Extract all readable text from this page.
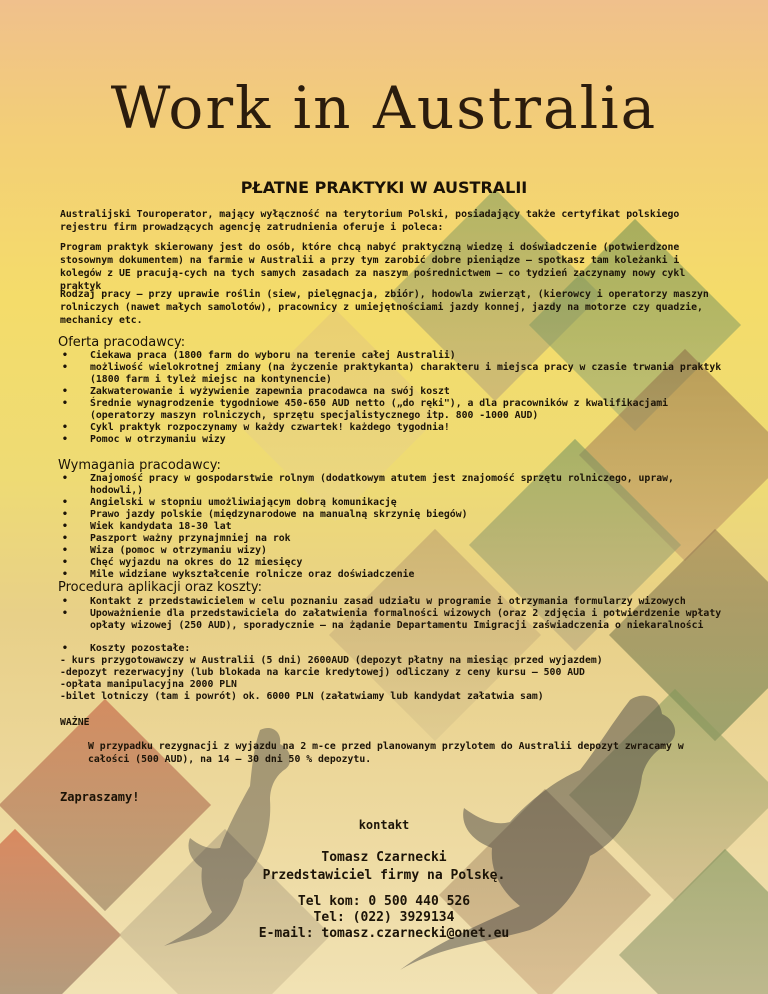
Work in Australia
PŁATNE PRAKTYKI W AUSTRALII

Australijski Touroperator, mający wyłączność na terytorium Polski, posiadający także certyfikat polskiego rejestru firm prowadzących agencję zatrudnienia oferuje i poleca:

Program praktyk skierowany jest do osób, które chcą nabyć praktyczną wiedzę i doświadczenie (potwierdzone stosownym dokumentem) na farmie w Australii a przy tym zarobić dobre pieniądze – spotkasz tam koleżanki i kolegów z UE pracują-cych na tych samych zasadach za naszym pośrednictwem – co tydzień zaczynamy nowy cykl praktyk

Rodzaj pracy – przy uprawie roślin (siew, pielęgnacja, zbiór), hodowla zwierząt, (kierowcy i operatorzy maszyn rolniczych (nawet małych samolotów), pracownicy z umiejętnościami jazdy konnej, jazdy na motorze czy quadzie, mechanicy etc.

Oferta pracodawcy:
• Ciekawa praca (1800 farm do wyboru na terenie całej Australii)
• możliwość wielokrotnej zmiany (na życzenie praktykanta) charakteru i miejsca pracy w czasie trwania praktyk (1800 farm i tyleż miejsc na kontynencie)
• Zakwaterowanie i wyżywienie zapewnia pracodawca na swój koszt
• Średnie wynagrodzenie tygodniowe 450-650 AUD netto („do ręki"), a dla pracowników z kwalifikacjami (operatorzy maszyn rolniczych, sprzętu specjalistycznego itp. 800 -1000 AUD)
• Cykl praktyk rozpoczynamy w każdy czwartek! każdego tygodnia!
• Pomoc w otrzymaniu wizy
Wymagania pracodawcy:
• Znajomość pracy w gospodarstwie rolnym (dodatkowym atutem jest znajomość sprzętu rolniczego, upraw, hodowli,)
• Angielski w stopniu umożliwiającym dobrą komunikację
• Prawo jazdy polskie (międzynarodowe na manualną skrzynię biegów)
• Wiek kandydata 18-30 lat
• Paszport ważny przynajmniej na rok
• Wiza (pomoc w otrzymaniu wizy)
• Chęć wyjazdu na okres do 12 miesięcy
• Mile widziane wykształcenie rolnicze oraz doświadczenie
Procedura aplikacji oraz koszty:
• Kontakt z przedstawicielem w celu poznaniu zasad udziału w programie i otrzymania formularzy wizowych
• Upoważnienie dla przedstawiciela do załatwienia formalności wizowych (oraz 2 zdjęcia i potwierdzenie wpłaty opłaty wizowej (250 AUD), sporadycznie – na żądanie Departamentu Imigracji zaświadczenia o niekaralności
• Koszty pozostałe:
- kurs przygotowawczy w Australii (5 dni) 2600AUD (depozyt płatny na miesiąc przed wyjazdem)
-depozyt rezerwacyjny (lub blokada na karcie kredytowej) odliczany z ceny kursu – 500 AUD
-opłata manipulacyjna 2000 PLN
-bilet lotniczy (tam i powrót) ok. 6000 PLN (załatwiamy lub kandydat załatwia sam)
WAŻNE

W przypadku rezygnacji z wyjazdu na 2 m-ce przed planowanym przylotem do Australii depozyt zwracamy w całości (500 AUD), na 14 – 30 dni 50 % depozytu.

Zapraszamy!
kontakt
Tomasz Czarnecki
Przedstawiciel firmy na Polskę.
Tel kom: 0 500 440 526
Tel: (022) 3929134
E-mail: tomasz.czarnecki@onet.eu
